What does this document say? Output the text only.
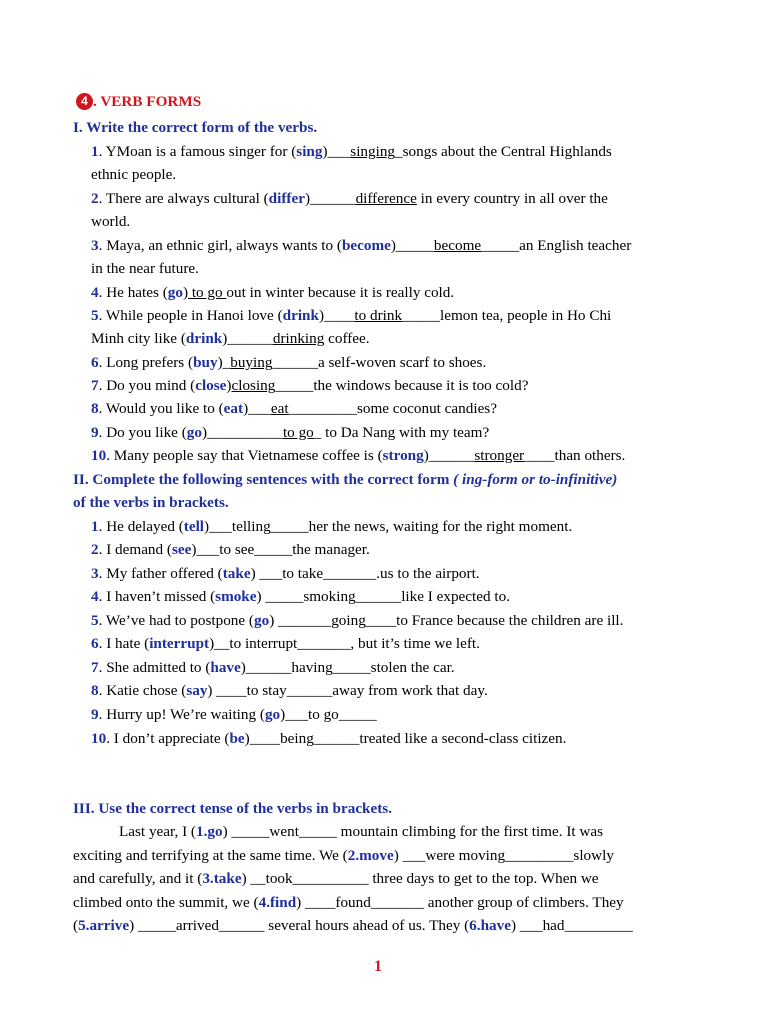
4 . VERB FORMS
I. Write the correct form of the verbs.
1. YMoan is a famous singer for (sing)___singing_songs about the Central Highlands
ethnic people.
2. There are always cultural (differ)______difference in every country in all over the
world.
3. Maya, an ethnic girl, always wants to (become)_____become_____an English teacher
in the near future.
4. He hates (go) to go out in winter because it is really cold.
5. While people in Hanoi love (drink)____to drink_____lemon tea, people in Ho Chi
Minh city like (drink)______drinking coffee.
6. Long prefers (buy)_buying______a self-woven scarf to shoes.
7. Do you mind (close)closing_____the windows because it is too cold?
8. Would you like to (eat)___eat_________some coconut candies?
9. Do you like (go)__________to go_ to Da Nang with my team?
10. Many people say that Vietnamese coffee is (strong)______stronger____than others.
II. Complete the following sentences with the correct form ( ing-form or to-infinitive)
of the verbs in brackets.
1. He delayed (tell)___telling_____her the news, waiting for the right moment.
2. I demand (see)___to see_____the manager.
3. My father offered (take) ___to take_______.us to the airport.
4. I haven’t missed (smoke) _____smoking______like I expected to.
5. We’ve had to postpone (go) _______going____to France because the children are ill.
6. I hate (interrupt)__to interrupt_______, but it’s time we left.
7. She admitted to (have)______having_____stolen the car.
8. Katie chose (say) ____to stay______away from work that day.
9. Hurry up! We’re waiting (go)___to go_____
10. I don’t appreciate (be)____being______treated like a second-class citizen.
III. Use the correct tense of the verbs in brackets.
Last year, I (1.go) _____went_____ mountain climbing for the first time. It was
exciting and terrifying at the same time. We (2.move) ___were moving_________slowly
and carefully, and it (3.take) __took__________ three days to get to the top. When we
climbed onto the summit, we (4.find) ____found_______ another group of climbers. They
(5.arrive) _____arrived______ several hours ahead of us. They (6.have) ___had_________
1
